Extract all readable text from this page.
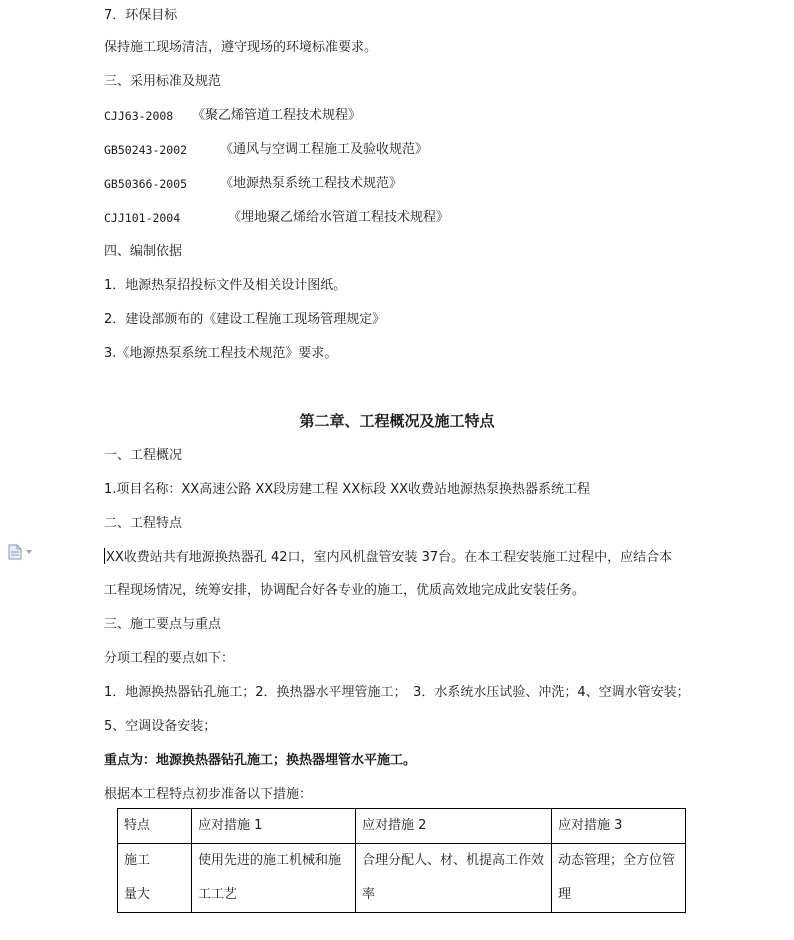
7．环保目标
保持施工现场清洁，遵守现场的环境标准要求。
三、采用标准及规范
CJJ63-2008 《聚乙烯管道工程技术规程》
GB50243-2002	《通风与空调工程施工及验收规范》
GB50366-2005	《地源热泵系统工程技术规范》
CJJ101-2004	《埋地聚乙烯给水管道工程技术规程》
四、编制依据
1．地源热泵招投标文件及相关设计图纸。
2．建设部颁布的《建设工程施工现场管理规定》
3.《地源热泵系统工程技术规范》要求。
第二章、工程概况及施工特点
一、工程概况
1.项目名称：XX高速公路 XX段房建工程 XX标段 XX收费站地源热泵换热器系统工程
二、工程特点
XX收费站共有地源换热器孔 42口，室内风机盘管安装 37台。在本工程安装施工过程中，应结合本
工程现场情况，统筹安排，协调配合好各专业的施工，优质高效地完成此安装任务。
三、施工要点与重点
分项工程的要点如下：
1．地源换热器钻孔施工；2．换热器水平埋管施工；　3．水系统水压试验、冲洗；4、空调水管安装；
5、空调设备安装；
重点为：地源换热器钻孔施工；换热器埋管水平施工。
根据本工程特点初步准备以下措施：
特点	应对措施 1	应对措施 2	应对措施 3

施工量大	使用先进的施工机械和施工工艺	合理分配人、材、机提高工作效率	动态管理；全方位管理
